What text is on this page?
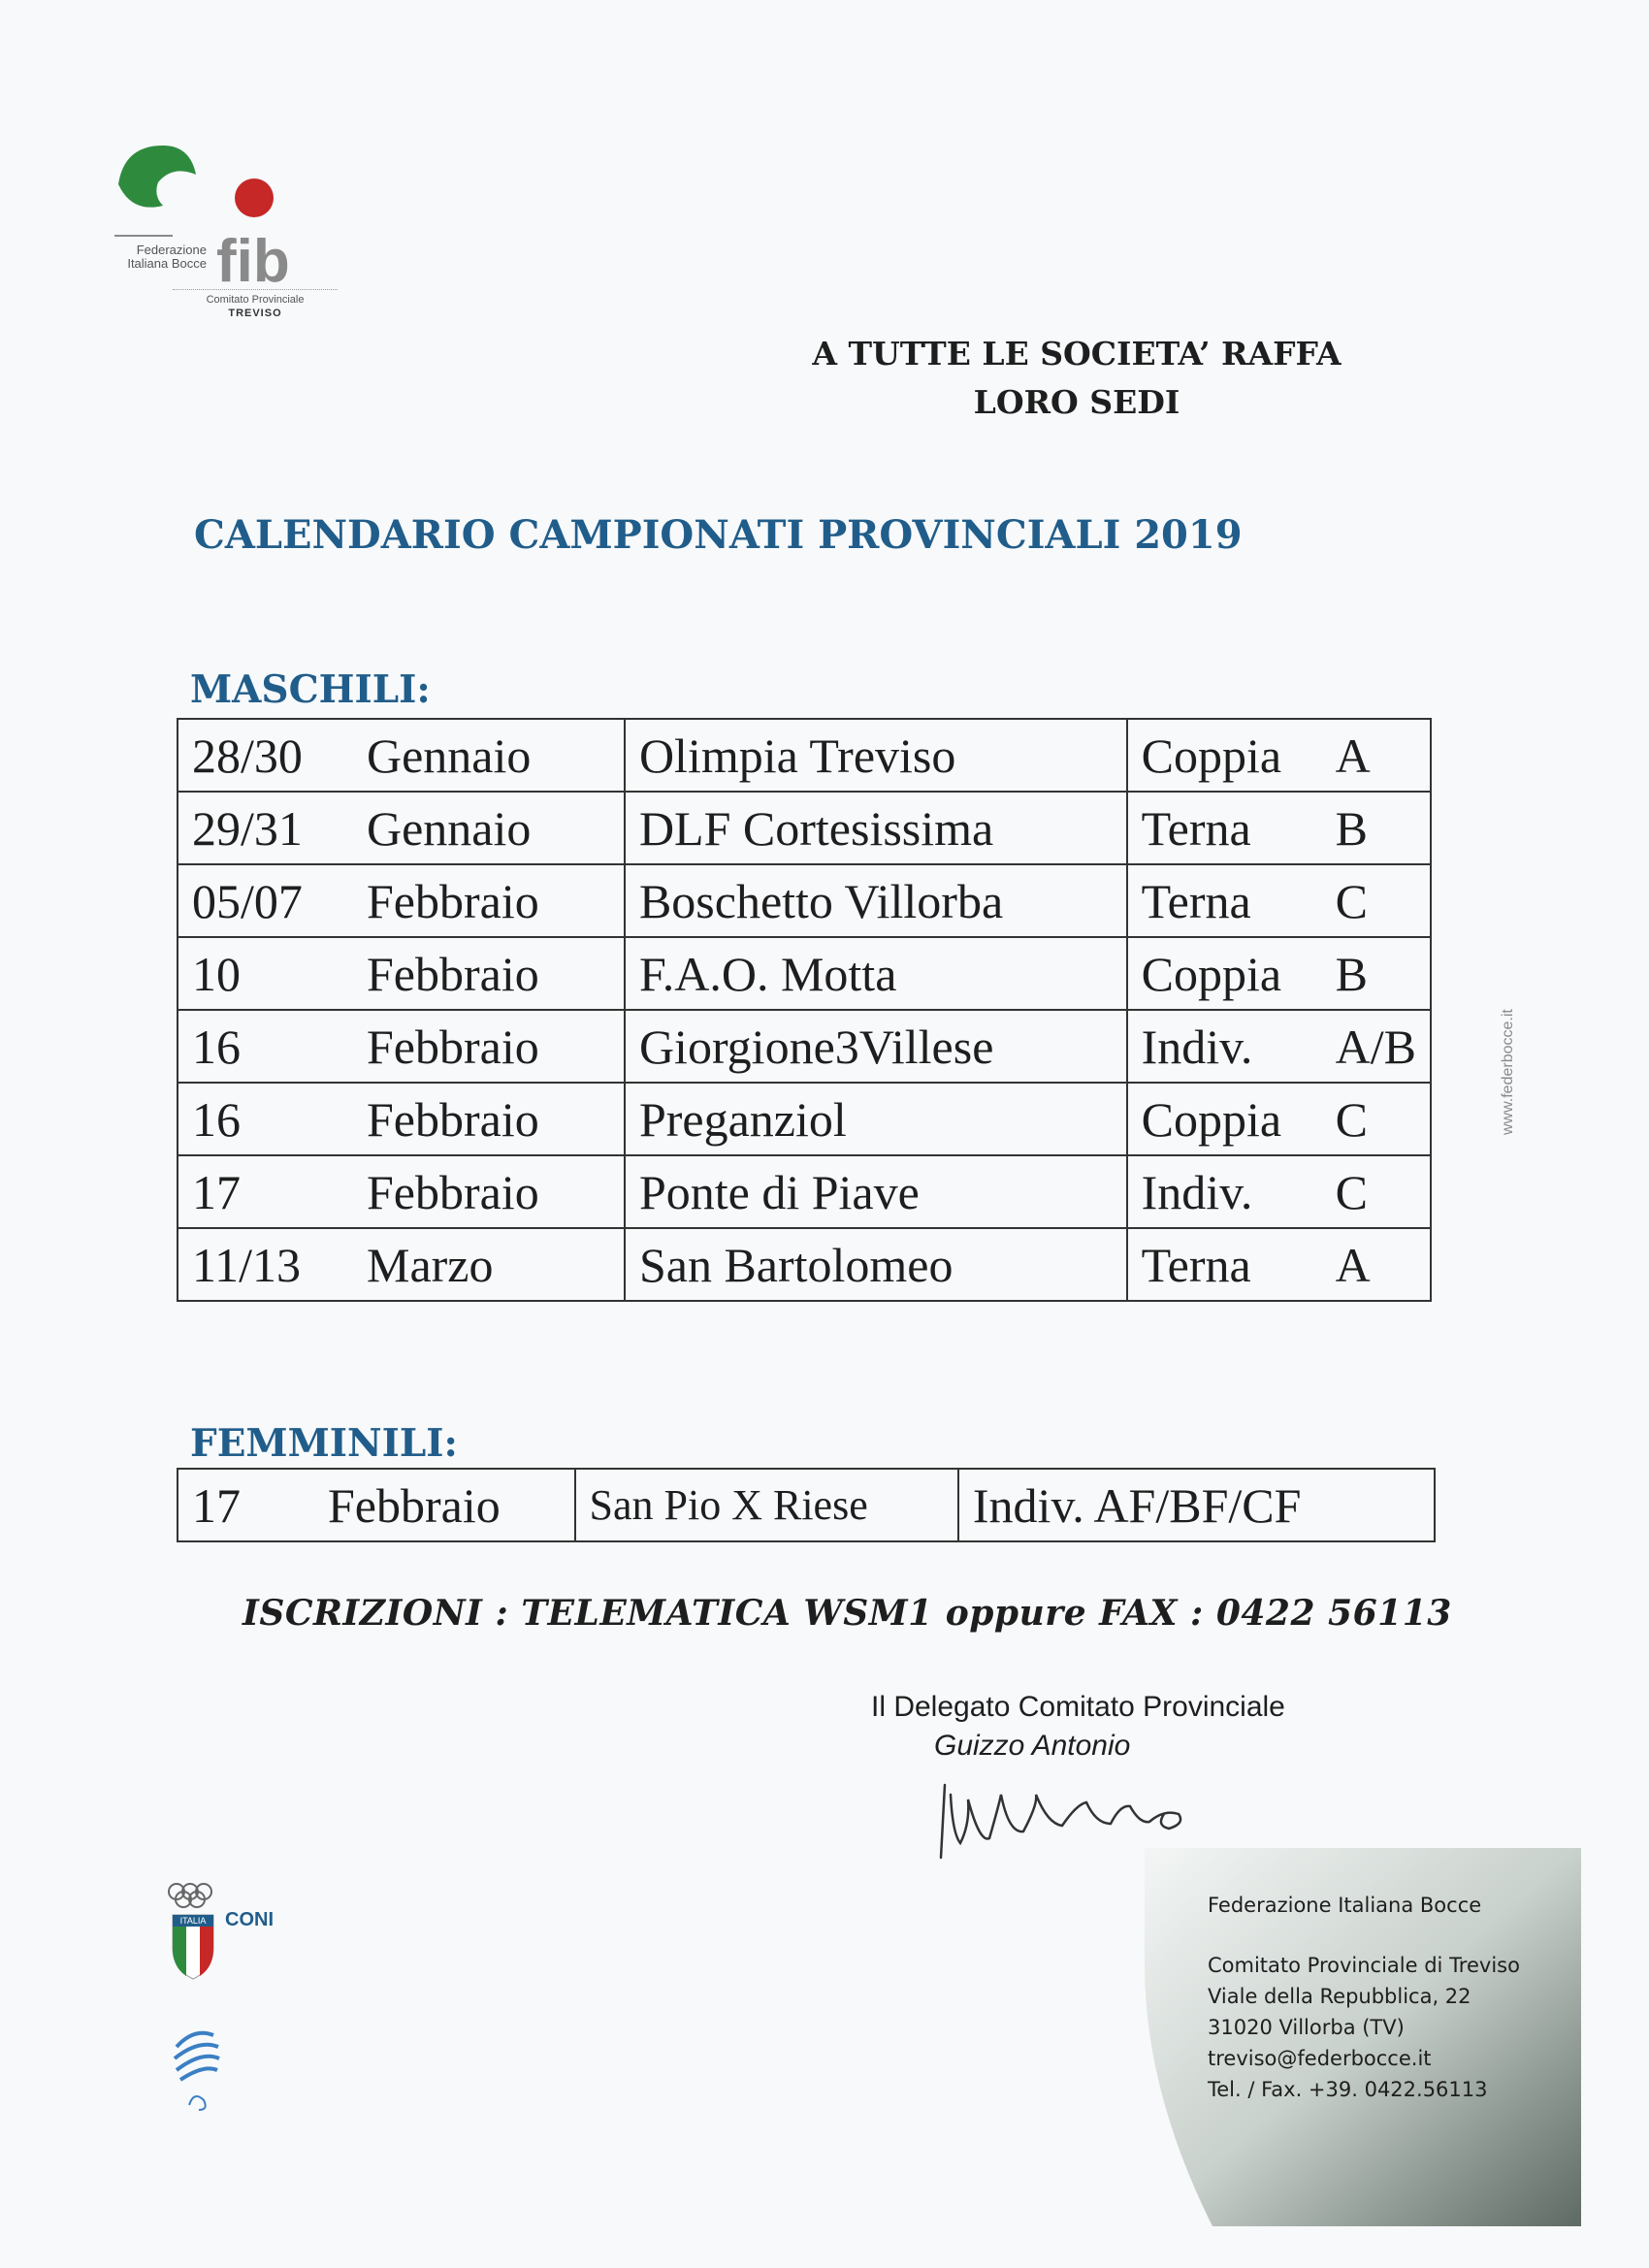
fib
Federazione
Italiana Bocce
Comitato Provinciale
TREVISO
A TUTTE LE SOCIETA’ RAFFA
LORO SEDI
CALENDARIO CAMPIONATI PROVINCIALI 2019
MASCHILI:
28/30 Gennaio	Olimpia Treviso	Coppia A
29/31 Gennaio	DLF Cortesissima	Terna B
05/07 Febbraio	Boschetto Villorba	Terna C
10 Febbraio	F.A.O. Motta	Coppia B
16 Febbraio	Giorgione3Villese	Indiv. A/B
16 Febbraio	Preganziol	Coppia C
17 Febbraio	Ponte di Piave	Indiv. C
11/13 Marzo	San Bartolomeo	Terna A
FEMMINILI:
17 Febbraio	San Pio X Riese	Indiv. AF/BF/CF
ISCRIZIONI : TELEMATICA WSM1 oppure FAX : 0422 56113
Il Delegato Comitato Provinciale
Guizzo Antonio
Federazione Italiana Bocce
Comitato Provinciale di Treviso
Viale della Repubblica, 22
31020 Villorba (TV)
treviso@federbocce.it
Tel. / Fax. +39. 0422.56113
ITALIA CONI
www.federbocce.it
